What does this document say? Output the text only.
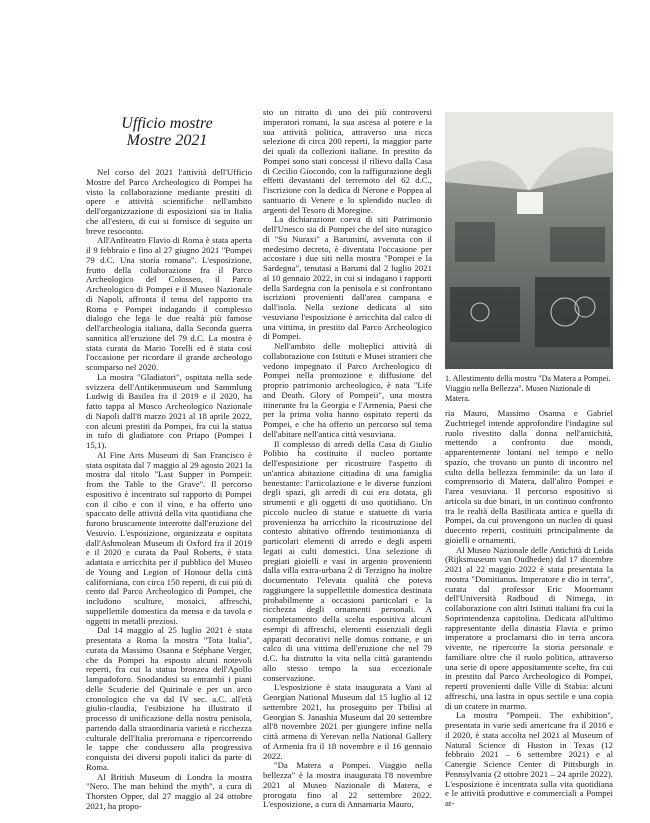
Ufficio mostre
Mostre 2021

Nel corso del 2021 l'attività dell'Ufficio Mostre del Parco Archeologico di Pompei ha visto la collaborazione mediante prestiti di opere e attività scientifiche nell'ambito dell'organizzazione di esposizioni sia in Italia che all'estero, di cui si fornisce di seguito un breve resoconto.

All'Anfiteatro Flavio di Roma è stata aperta il 9 febbraio e fino al 27 giugno 2021 "Pompei 79 d.C. Una storia romana". L'esposizione, frutto della collaborazione fra il Parco Archeologico del Colosseo, il Parco Archeologico di Pompei e il Museo Nazionale di Napoli, affronta il tema del rapporto tra Roma e Pompei indagando il complesso dialogo che lega le due realtà più famose dell'archeologia italiana, dalla Seconda guerra sannitica all'eruzione del 79 d.C. La mostra è stata curata da Mario Torelli ed è stata così l'occasione per ricordare il grande archeologo scomparso nel 2020.

La mostra "Gladiatori", ospitata nella sede svizzera dell'Antikenmuseum und Sammlung Ludwig di Basilea fra il 2019 e il 2020, ha fatto tappa al Musco Archeologico Nazionale di Napoli dall'8 marzo 2021 al 18 aprile 2022, con alcuni prestiti da Pompei, fra cui la statua in tufo di gladiatore con Priapo (Pompei I 15,1).

Al Fine Arts Museum di San Francisco è stata ospitata dal 7 maggio al 29 agosto 2021 la mostra dal titolo "Last Supper in Pompeii: from the Table to the Grave". Il percorso espositivo è incentrato sul rapporto di Pompei con il cibo e con il vino, e ha offerto uno spaccato delle attività della vita quotidiana che furono bruscamente interrotte dall'eruzione del Vesuvio. L'esposizione, organizzata e ospitata dall'Ashmolean Museum di Oxford fra il 2019 e il 2020 e curata da Paul Roberts, è stata adattata e arricchita per il pubblico del Museo de Young and Legion of Honour della città californiana, con circa 150 reperti, di cui più di cento dal Parco Archeologico di Pompei, che includono sculture, mosaici, affreschi, suppellettile domestica da mensa e da tavola e oggetti in metalli preziosi.

Dal 14 maggio al 25 luglio 2021 è stata presentata a Roma la mostra "Tota Italia", curata da Massimo Osanna e Stéphane Verger, che da Pompei ha esposto alcuni notevoli reperti, fra cui la statua bronzea dell'Apollo lampadoforo. Snodandosi su entrambi i piani delle Scuderie del Quirinale e per un arco cronologico che va dal IV sec. a.C. all'età giulio-claudia, l'esibizione ha illustrato il processo di unificazione della nostra penisola, partendo dalla straordinaria varietà e ricchezza culturale dell'Italia preromana e ripercorrendo le tappe che condussero alla progressiva conquista dei diversi popoli italici da parte di Roma.

Al British Museum di Londra la mostra "Nero. The man behind the myth", a cura di Thorsten Opper, dal 27 maggio al 24 ottobre 2021, ha propo-

sto un ritratto di uno dei più controversi imperatori romani, la sua ascesa al potere e la sua attività politica, attraverso una ricca selezione di circa 200 reperti, la maggior parte dei quali da collezioni italiane. In prestito da Pompei sono stati concessi il rilievo dalla Casa di Cecilio Giocondo, con la raffigurazione degli effetti devastanti del terremoto del 62 d.C., l'iscrizione con la dedica di Nerone e Poppea al santuario di Venere e lo splendido nucleo di argenti del Tesoro di Moregine.

La dichiarazione coeva di siti Patrimonio dell'Unesco sia di Pompei che del sito nuragico di "Su Nuraxi" a Barumini, avvenuta con il medesimo decreto, è diventata l'occasione per accostare i due siti nella mostra "Pompei e la Sardegna", tenutasi a Barumi dal 2 luglio 2021 al 10 gennaio 2022, in cui si indagano i rapporti della Sardegna con la penisola e si confrontano iscrizioni provenienti dall'area campana e dall'isola. Nella sezione dedicata al sito vesuviano l'esposizione è arricchita dal calco di una vittima, in prestito dal Parco Archeologico di Pompei.

Nell'ambito delle molteplici attività di collaborazione con Istituti e Musei stranieri che vedono impegnato il Parco Archeologico di Pompei nella promozione e diffusione del proprio patrimonio archeologico, è nata "Life and Death. Glory of Pompeii", una mostra itinerante fra la Georgia e l'Armenia, Paesi che per la prima volta hanno ospitato reperti da Pompei, e che ha offerto un percorso sul tema dell'abitare nell'antica città vesuviana.

Il complesso di arredi della Casa di Giulio Polibio ha costituito il nucleo portante dell'esposizione per ricostruire l'aspetto di un'antica abitazione cittadina di una famiglia benestante: l'articolazione e le diverse funzioni degli spazi, gli arredi di cui era dotata, gli strumenti e gli oggetti di uso quotidiano. Un piccolo nucleo di statue e statuette di varia provenienza ha arricchito la ricostruzione del contesto abitativo offrendo testimonianza di particolari elementi di arredo e degli aspetti legati ai culti domestici. Una selezione di pregiati gioielli e vasi in argento provenienti dalla villa extra-urbana 2 di Terzigno ha inoltre documentato l'elevata qualità che poteva raggiungere la suppellettile domestica destinata probabilmente a occasioni particolari e la ricchezza degli ornamenti personali. A completamento della scelta espositiva alcuni esempi di affreschi, elementi essenziali degli apparati decorativi nelle domus romane, e un calco di una vittima dell'eruzione che nel 79 d.C. ha distrutto la vita nella città garantendo allo stesso tempo la sua eccezionale conservazione.

L'esposizione è stata inaugurata a Vani al Georgian National Museum dal 15 luglio al 12 settembre 2021, ha proseguito per Tbilisi al Georgian S. Janashia Museum dal 20 settembre all'8 novembre 2021 per giungere infine nella città armena di Yerevan nella National Gallery of Armenia fra il 18 novembre e il 16 gennaio 2022.

"Da Matera a Pompei. Viaggio nella bellezza" è la mostra inaugurata l'8 novembre 2021 al Museo Nazionale di Matera, e prorogata fino al 22 settembre 2022. L'esposizione, a cura di Annamaria Mauro,

1. Allestimento della mostra "Da Matera a Pompei. Viaggio nella Bellezza". Museo Nazionale di Matera.

ria Mauro, Massimo Osanna e Gabriel Zuchtriegel intende approfondire l'indagine sul ruolo rivestito dalla donna nell'antichità, mettendo a confronto due mondi, apparentemente lontani nel tempo e nello spazio, che trovano un punto di incontro nel culto della bellezza femminile: da un lato il comprensorio di Matera, dall'altro Pompei e l'area vesuviana. Il percorso espositivo si articola su due binari, in un continuo confronto tra le realtà della Basilicata antica e quella di Pompei, da cui provengono un nucleo di quasi duecento reperti, costituiti principalmente da gioielli e ornamenti.

Al Museo Nazionale delle Antichità di Leida (Rijksmuseum van Oudheden) dal 17 dicembre 2021 al 22 maggio 2022 è stata presentata la mostra "Domitianus. Imperatore e dio in terra", curata dal professor Eric Moormann dell'Università Radboud di Nimega, in collaborazione con altri Istituti italiani fra cui la Soprintendenza capitolina. Dedicata all'ultimo rappresentante della dinastia Flavia e primo imperatore a proclamarsi dio in terra ancora vivente, ne ripercorre la storia personale e familiare oltre che il ruolo politico, attraverso una serie di opere appositamente scelte, fra cui in prestito dal Parco Archeologico di Pompei, reperti provenienti dalle Ville di Stabia: alcuni affreschi, una lastra in opus sectile e una copia di un cratere in marmo.

La mostra "Pompeii. The exhibition", presentata in varie sedi americane fra il 2016 e il 2020, è stata accolta nel 2021 al Museum of Natural Science di Huston in Texas (12 febbraio 2021 – 6 settembre 2021) e al Canergie Science Center di Pittsburgh in Pennsylvania (2 ottobre 2021 – 24 aprile 2022). L'esposizione è incentrata sulla vita quotidiana e le attività produttive e commerciali a Pompei at-
